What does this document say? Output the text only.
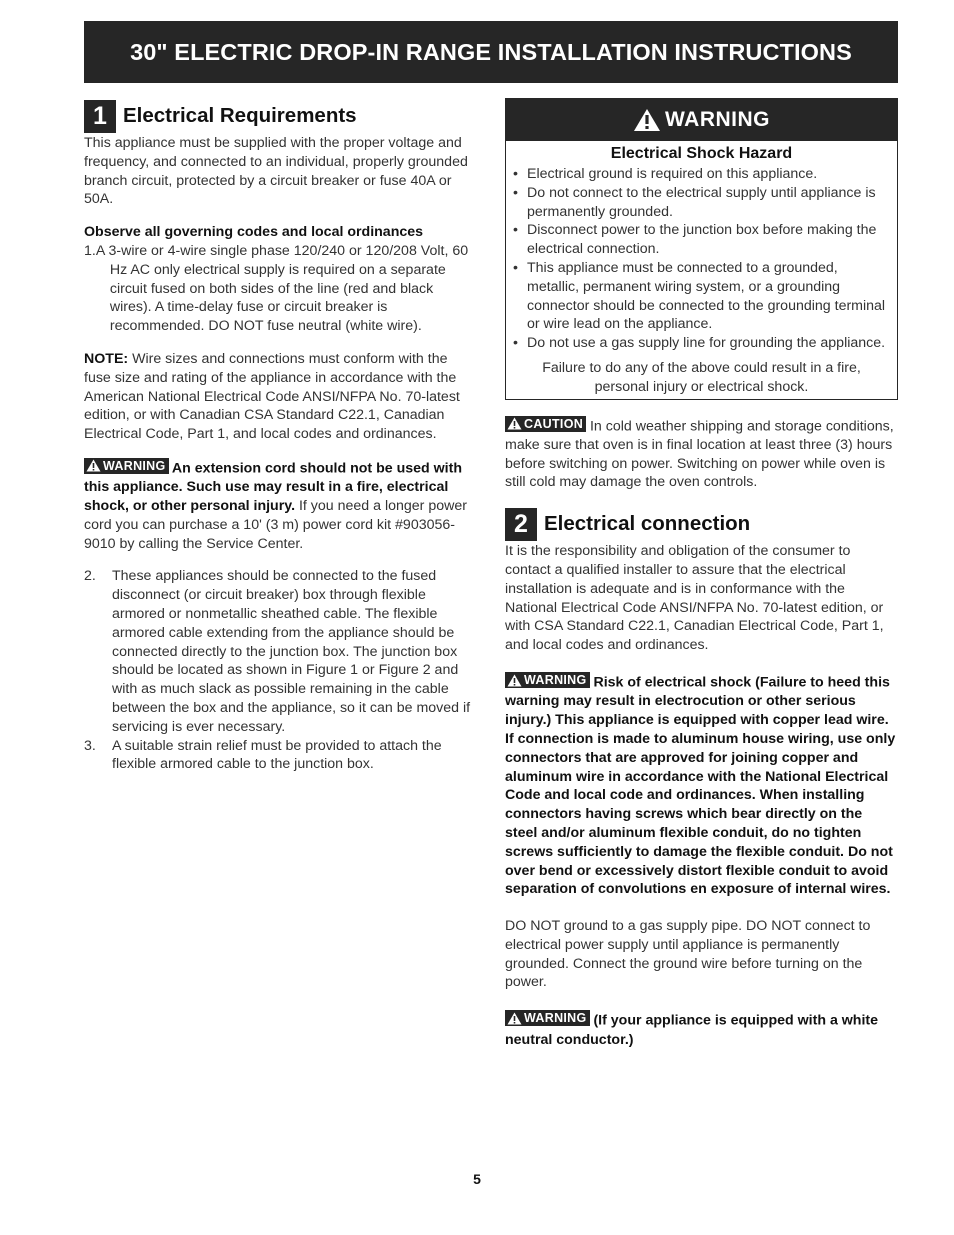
30" ELECTRIC DROP-IN RANGE INSTALLATION INSTRUCTIONS
1 Electrical Requirements

This appliance must be supplied with the proper voltage and frequency, and connected to an individual, properly grounded branch circuit, protected by a circuit breaker or fuse 40A or 50A.

Observe all governing codes and local ordinances

1. A 3-wire or 4-wire single phase 120/240 or 120/208 Volt, 60 Hz AC only electrical supply is required on a separate circuit fused on both sides of the line (red and black wires). A time-delay fuse or circuit breaker is recommended. DO NOT fuse neutral (white wire).

NOTE: Wire sizes and connections must conform with the fuse size and rating of the appliance in accordance with the American National Electrical Code ANSI/NFPA No. 70-latest edition, or with Canadian CSA Standard C22.1, Canadian Electrical Code, Part 1, and local codes and ordinances.

WARNING An extension cord should not be used with this appliance. Such use may result in a fire, electrical shock, or other personal injury. If you need a longer power cord you can purchase a 10' (3 m) power cord kit #903056-9010 by calling the Service Center.

2.	These appliances should be connected to the fused disconnect (or circuit breaker) box through flexible armored or nonmetallic sheathed cable. The flexible armored cable extending from the appliance should be connected directly to the junction box. The junction box should be located as shown in Figure 1 or Figure 2 and with as much slack as possible remaining in the cable between the box and the appliance, so it can be moved if servicing is ever necessary.
3.	A suitable strain relief must be provided to attach the flexible armored cable to the junction box.
WARNING
Electrical Shock Hazard
• Electrical ground is required on this appliance.
• Do not connect to the electrical supply until appliance is permanently grounded.
• Disconnect power to the junction box before making the electrical connection.
• This appliance must be connected to a grounded, metallic, permanent wiring system, or a grounding connector should be connected to the grounding terminal or wire lead on the appliance.
• Do not use a gas supply line for grounding the appliance.
Failure to do any of the above could result in a fire, personal injury or electrical shock.

CAUTION In cold weather shipping and storage conditions, make sure that oven is in final location at least three (3) hours before switching on power. Switching on power while oven is still cold may damage the oven controls.

2 Electrical connection

It is the responsibility and obligation of the consumer to contact a qualified installer to assure that the electrical installation is adequate and is in conformance with the National Electrical Code ANSI/NFPA No. 70-latest edition, or with CSA Standard C22.1, Canadian Electrical Code, Part 1, and local codes and ordinances.

WARNING Risk of electrical shock (Failure to heed this warning may result in electrocution or other serious injury.) This appliance is equipped with copper lead wire. If connection is made to aluminum house wiring, use only connectors that are approved for joining copper and aluminum wire in accordance with the National Electrical Code and local code and ordinances. When installing connectors having screws which bear directly on the steel and/or aluminum flexible conduit, do no tighten screws sufficiently to damage the flexible conduit. Do not over bend or excessively distort flexible conduit to avoid separation of convolutions en exposure of internal wires.

DO NOT ground to a gas supply pipe. DO NOT connect to electrical power supply until appliance is permanently grounded. Connect the ground wire before turning on the power.

WARNING (If your appliance is equipped with a white neutral conductor.)

5
